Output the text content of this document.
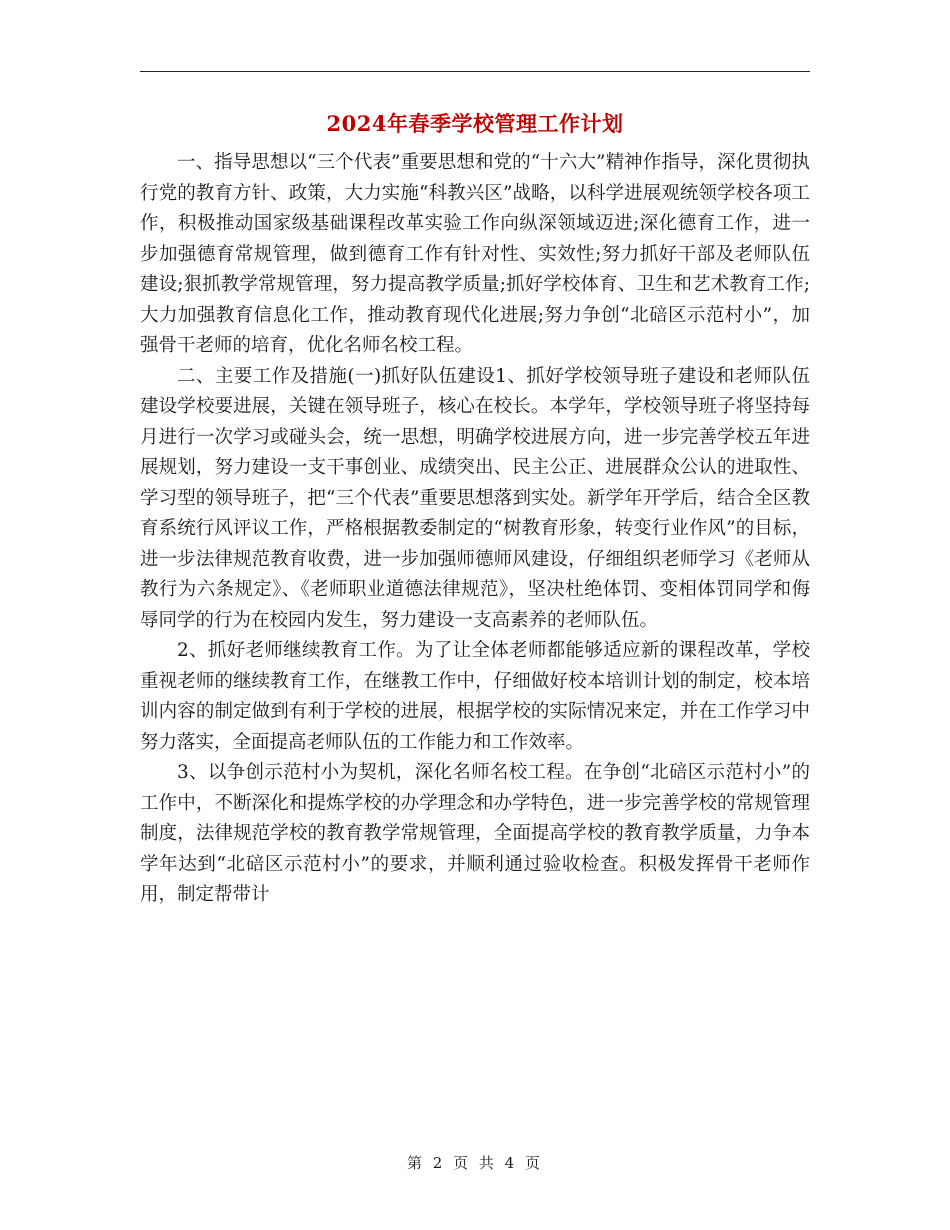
2024年春季学校管理工作计划

一、指导思想以“三个代表”重要思想和党的“十六大”精神作指导，深化贯彻执行党的教育方针、政策，大力实施“科教兴区”战略，以科学进展观统领学校各项工作，积极推动国家级基础课程改革实验工作向纵深领域迈进;深化德育工作，进一步加强德育常规管理，做到德育工作有针对性、实效性;努力抓好干部及老师队伍建设;狠抓教学常规管理，努力提高教学质量;抓好学校体育、卫生和艺术教育工作;大力加强教育信息化工作，推动教育现代化进展;努力争创“北碚区示范村小”，加强骨干老师的培育，优化名师名校工程。

二、主要工作及措施(一)抓好队伍建设1、抓好学校领导班子建设和老师队伍建设学校要进展，关键在领导班子，核心在校长。本学年，学校领导班子将坚持每月进行一次学习或碰头会，统一思想，明确学校进展方向，进一步完善学校五年进展规划，努力建设一支干事创业、成绩突出、民主公正、进展群众公认的进取性、学习型的领导班子，把“三个代表”重要思想落到实处。新学年开学后，结合全区教育系统行风评议工作，严格根据教委制定的“树教育形象，转变行业作风”的目标，进一步法律规范教育收费，进一步加强师德师风建设，仔细组织老师学习《老师从教行为六条规定》、《老师职业道德法律规范》，坚决杜绝体罚、变相体罚同学和侮辱同学的行为在校园内发生，努力建设一支高素养的老师队伍。

2、抓好老师继续教育工作。为了让全体老师都能够适应新的课程改革，学校重视老师的继续教育工作，在继教工作中，仔细做好校本培训计划的制定，校本培训内容的制定做到有利于学校的进展，根据学校的实际情况来定，并在工作学习中努力落实，全面提高老师队伍的工作能力和工作效率。

3、以争创示范村小为契机，深化名师名校工程。在争创“北碚区示范村小”的工作中，不断深化和提炼学校的办学理念和办学特色，进一步完善学校的常规管理制度，法律规范学校的教育教学常规管理，全面提高学校的教育教学质量，力争本学年达到“北碚区示范村小”的要求，并顺利通过验收检查。积极发挥骨干老师作用，制定帮带计

第 2 页 共 4 页
